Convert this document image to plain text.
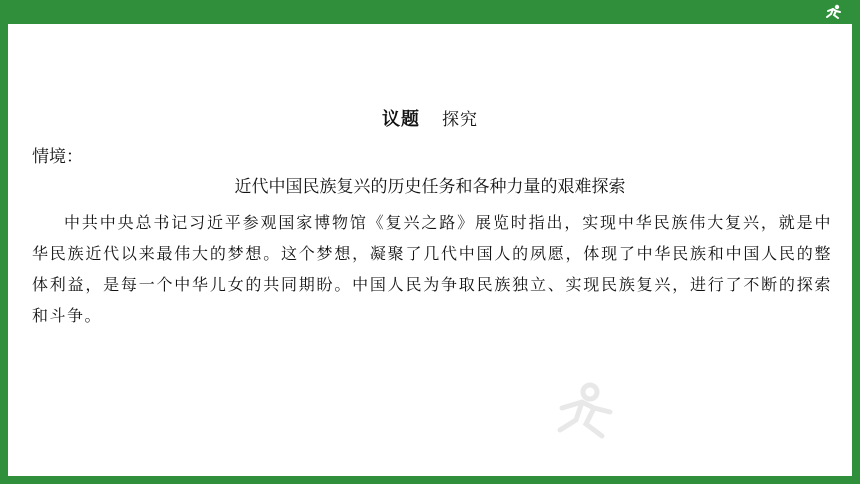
议题 探究
情境：
近代中国民族复兴的历史任务和各种力量的艰难探索
中共中央总书记习近平参观国家博物馆《复兴之路》展览时指出，实现中华民族伟大复兴，就是中华民族近代以来最伟大的梦想。这个梦想，凝聚了几代中国人的夙愿，体现了中华民族和中国人民的整体利益，是每一个中华儿女的共同期盼。中国人民为争取民族独立、实现民族复兴，进行了不断的探索和斗争。
